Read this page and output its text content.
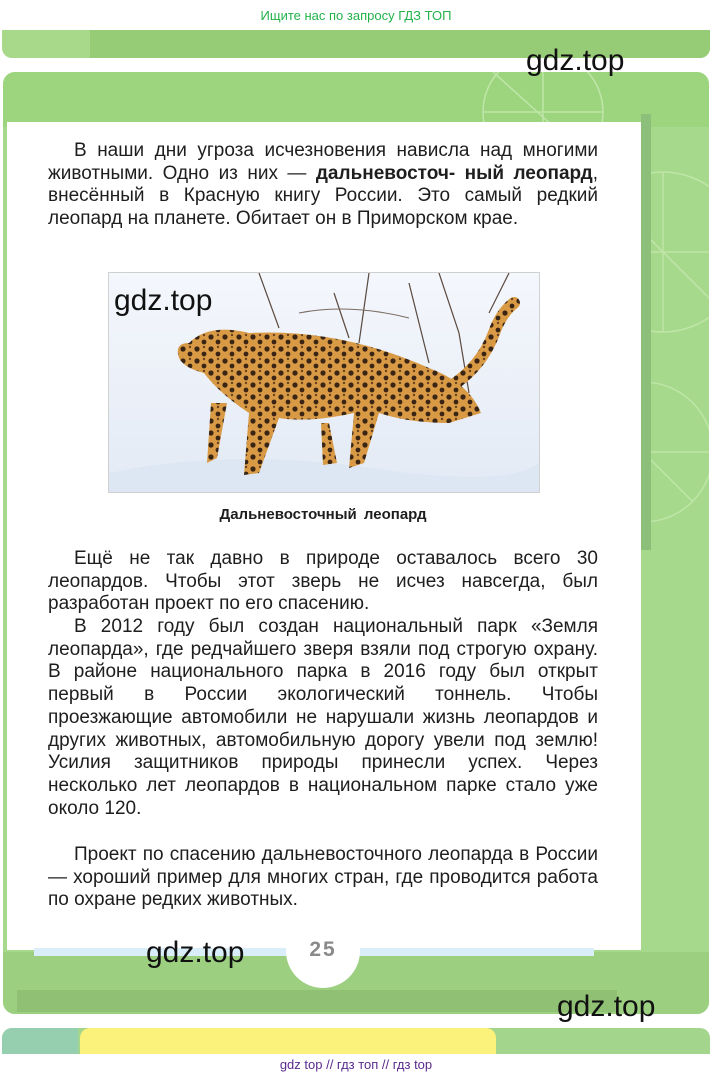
Ищите нас по запросу ГДЗ ТОП
gdz.top
В наши дни угроза исчезновения нависла над многими животными. Одно из них — дальневосточ- ный леопард, внесённый в Красную книгу России. Это самый редкий леопард на планете. Обитает он в Приморском крае.
gdz.top
Дальневосточный леопард

Ещё не так давно в природе оставалось всего 30 леопардов. Чтобы этот зверь не исчез навсегда, был разработан проект по его спасению.

В 2012 году был создан национальный парк «Земля леопарда», где редчайшего зверя взяли под строгую охрану. В районе национального парка в 2016 году был открыт первый в России экологический тоннель. Чтобы проезжающие автомобили не нарушали жизнь леопардов и других животных, автомобильную дорогу увели под землю! Усилия защитников природы принесли успех. Через несколько лет леопардов в национальном парке стало уже около 120.

Проект по спасению дальневосточного леопарда в России — хороший пример для многих стран, где проводится работа по охране редких животных.

25
gdz.top
gdz.top
gdz top // гдз топ // гдз top
